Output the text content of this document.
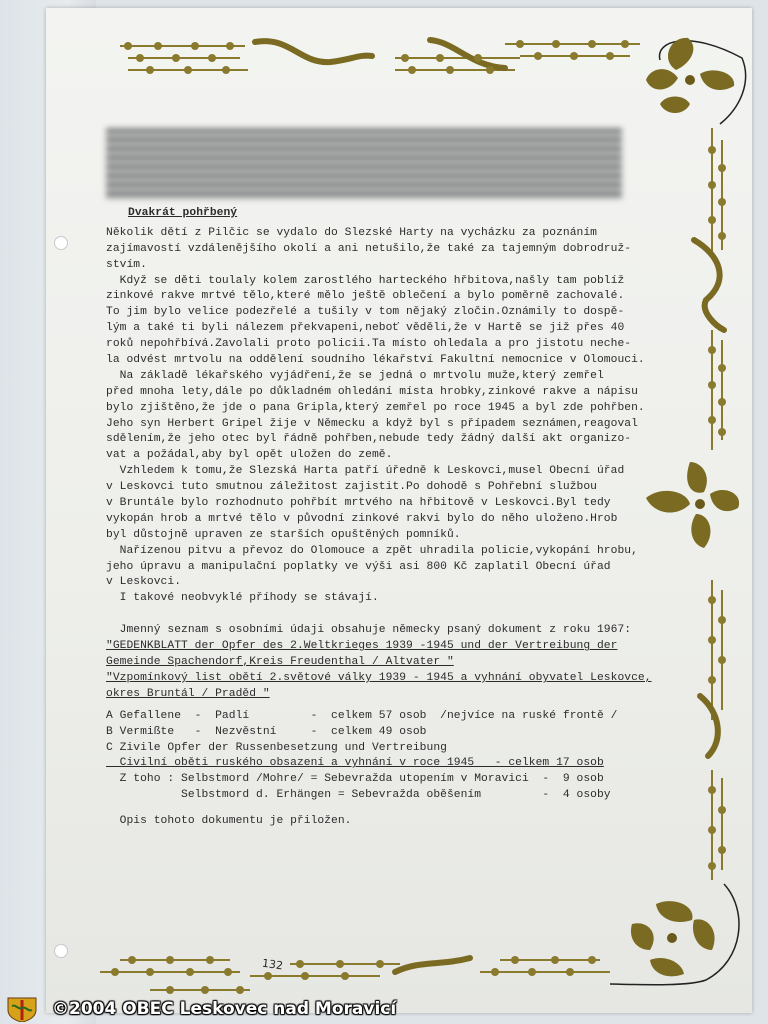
Dvakrát pohřbený
Několik dětí z Pilčic se vydalo do Slezské Harty na vycházku za poznáním
zajímavostí vzdálenějšího okolí a ani netušilo,že také za tajemným dobrodruž-
stvím.
Když se děti toulaly kolem zarostlého harteckého hřbitova,našly tam poblíž
zinkové rakve mrtvé tělo,které mělo ještě oblečení a bylo poměrně zachovalé.
To jim bylo velice podezřelé a tušily v tom nějaký zločin.Oznámily to dospě-
lým a také ti byli nálezem překvapeni,neboť věděli,že v Hartě se již přes 40
roků nepohřbívá.Zavolali proto policii.Ta místo ohledala a pro jistotu neche-
la odvést mrtvolu na oddělení soudního lékařství Fakultní nemocnice v Olomouci.
Na základě lékařského vyjádření,že se jedná o mrtvolu muže,který zemřel
před mnoha lety,dále po důkladném ohledání místa hrobky,zinkové rakve a nápisu
bylo zjištěno,že jde o pana Gripla,který zemřel po roce 1945 a byl zde pohřben.
Jeho syn Herbert Gripel žije v Německu a když byl s případem seznámen,reagoval
sdělením,že jeho otec byl řádně pohřben,nebude tedy žádný další akt organizo-
vat a požádal,aby byl opět uložen do země.
Vzhledem k tomu,že Slezská Harta patří úředně k Leskovci,musel Obecní úřad
v Leskovci tuto smutnou záležitost zajistit.Po dohodě s Pohřební službou
v Bruntále bylo rozhodnuto pohřbít mrtvého na hřbitově v Leskovci.Byl tedy
vykopán hrob a mrtvé tělo v původní zinkové rakvi bylo do něho uloženo.Hrob
byl důstojně upraven ze starších opuštěných pomníků.
Nařízenou pitvu a převoz do Olomouce a zpět uhradila policie,vykopání hrobu,
jeho úpravu a manipulační poplatky ve výši asi 800 Kč zaplatil Obecní úřad
v Leskovci.
I takové neobvyklé příhody se stávají.
Jmenný seznam s osobními údaji obsahuje německy psaný dokument z roku 1967:
"GEDENKBLATT der Opfer des 2.Weltkrieges 1939 -1945 und der Vertreibung der
Gemeinde Spachendorf,Kreis Freudenthal / Altvater "
"Vzpomínkový list obětí 2.světové války 1939 - 1945 a vyhnání obyvatel Leskovce,
okres Bruntál / Praděd "
A Gefallene  -  Padlí         -  celkem 57 osob  /nejvíce na ruské frontě /
B Vermißte   -  Nezvěstní     -  celkem 49 osob
C Zivile Opfer der Russenbesetzung und Vertreibung
Civilní oběti ruského obsazení a vyhnání v roce 1945   - celkem 17 osob
Z toho : Selbstmord /Mohre/ = Sebevražda utopením v Moravici  -  9 osob
Selbstmord d. Erhängen = Sebevražda oběšením         -  4 osoby
Opis tohoto dokumentu je přiložen.
132
©2004 OBEC Leskovec nad Moravicí
